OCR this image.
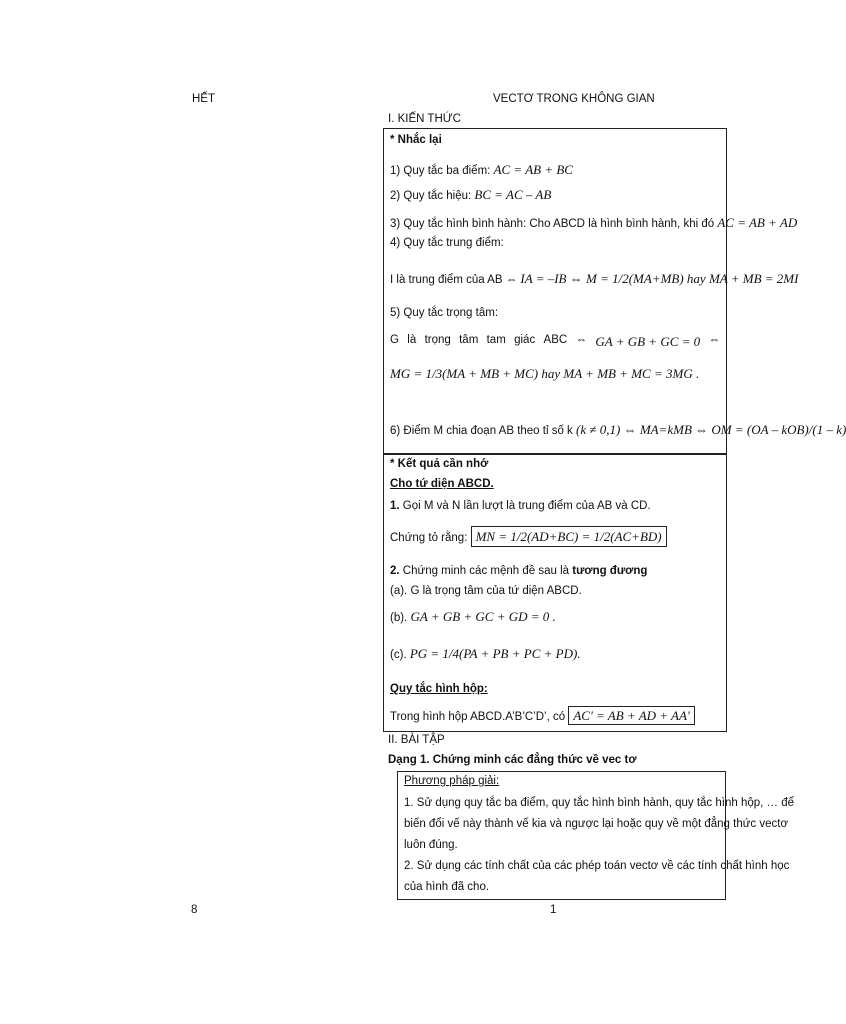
HẾT	VECTƠ TRONG KHÔNG GIAN
I. KIẾN THỨC
* Nhắc lại
1) Quy tắc ba điểm: AC = AB + BC
2) Quy tắc hiệu: BC = AC – AB
3) Quy tắc hình bình hành: Cho ABCD là hình bình hành, khi đó AC = AB + AD
4) Quy tắc trung điểm:
I là trung điểm của AB ⇔ IA = –IB ⇔ M = 1/2(MA+MB) hay MA + MB = 2MI
5) Quy tắc trọng tâm:
G là trọng tâm tam giác ABC ⇔ GA + GB + GC = 0 ⇔
MG = 1/3(MA + MB + MC) hay MA + MB + MC = 3MG .
6) Điểm M chia đoạn AB theo tỉ số k (k ≠ 0,1) ⇔ MA=kMB ⇔ OM = (OA – kOB)/(1 – k)
* Kết quả cần nhớ
Cho tứ diện ABCD.
1. Gọi M và N lần lượt là trung điểm của AB và CD.
Chứng tỏ rằng: MN = 1/2(AD+BC) = 1/2(AC+BD)
2. Chứng minh các mệnh đề sau là tương đương
(a). G là trọng tâm của tứ diện ABCD.
(b). GA + GB + GC + GD = 0 .
(c). PG = 1/4(PA + PB + PC + PD).
Quy tắc hình hộp:
Trong hình hộp ABCD.A’B’C’D’, có AC' = AB + AD + AA'
II. BÀI TẬP
Dạng 1. Chứng minh các đẳng thức về vec tơ
Phương pháp giải:
1. Sử dụng quy tắc ba điểm, quy tắc hình bình hành, quy tắc hình hộp, … để
biến đổi vế này thành vế kia và ngược lại hoặc quy về một đẳng thức vectơ
luôn đúng.
2. Sử dụng các tính chất của các phép toán vectơ về các tính chất hình học
của hình đã cho.
8	1
